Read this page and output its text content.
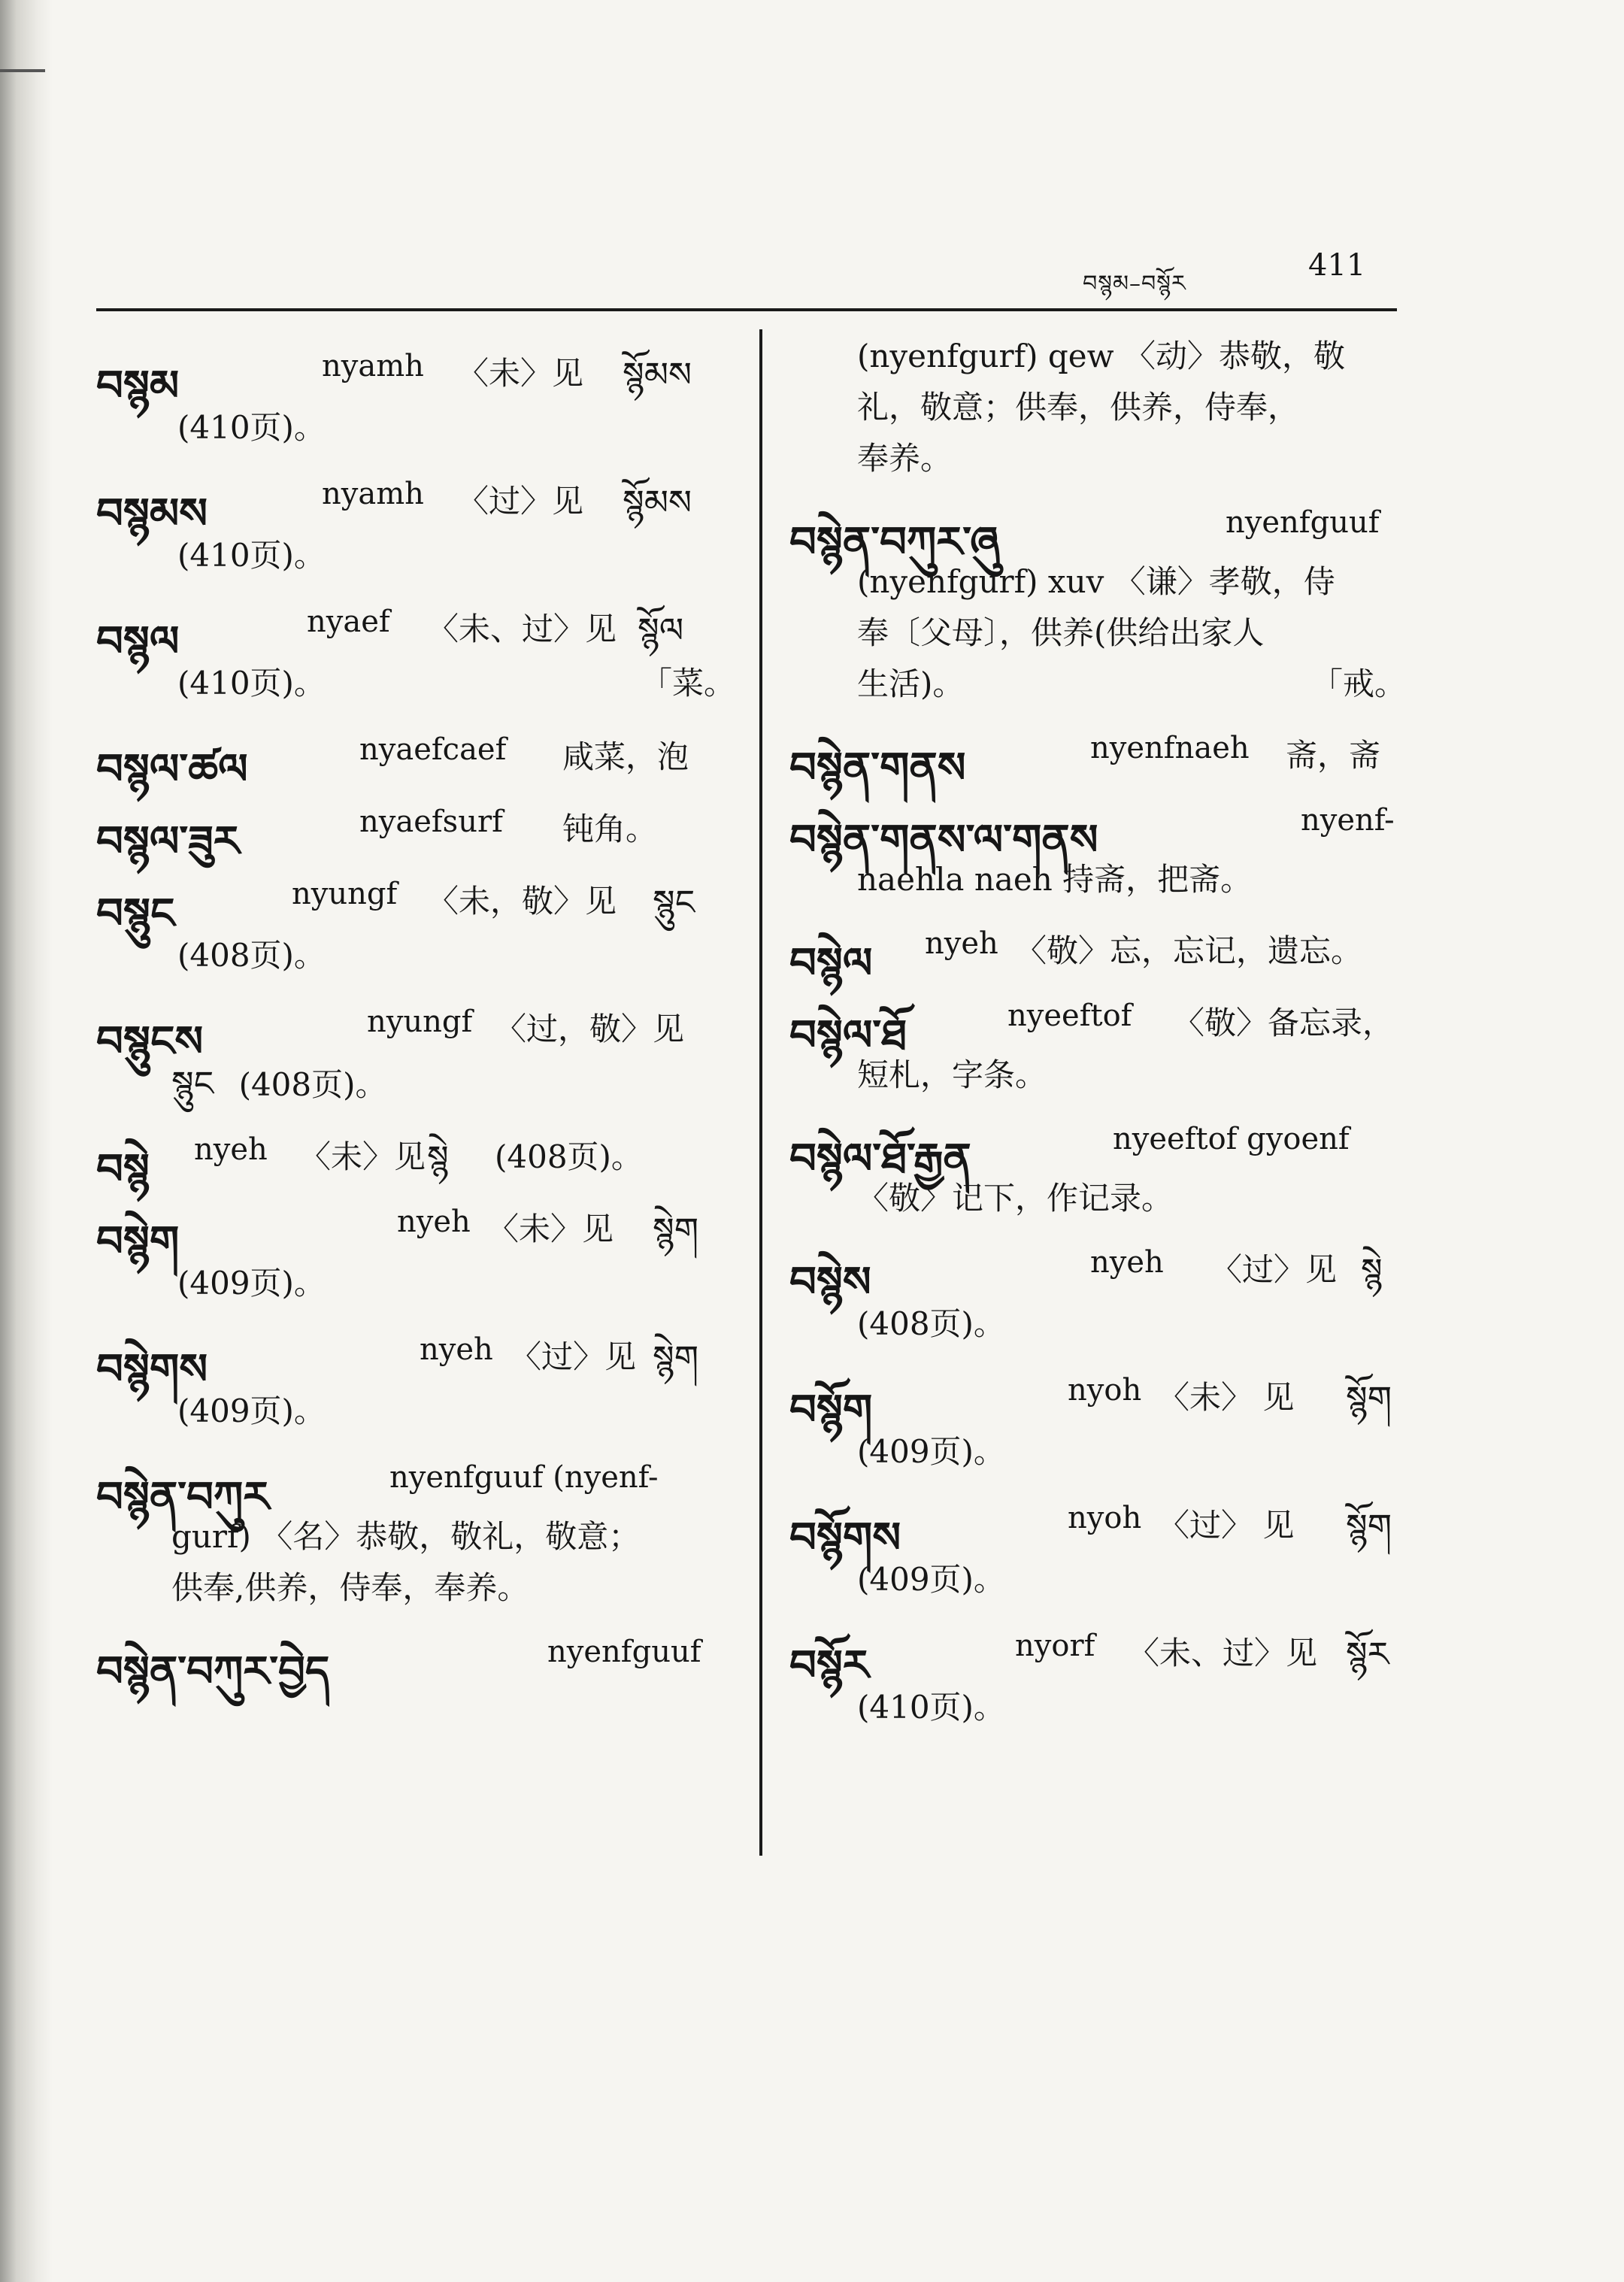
བསྙམ–བསྙོར
411
བསྙམ	nyamh 〈未〉见 སྙོམས
(410页)。
བསྙམས	nyamh 〈过〉见 སྙོམས
(410页)。
བསྙལ	nyaef 〈未、过〉见 སྙོལ
(410页)。	「菜。
བསྙལ་ཚལ	nyaefcaef 咸菜，泡
བསྙལ་ཟུར	nyaefsurf 钝角。
བསྙུང	nyungf 〈未，敬〉见 སྙུང
(408页)。
བསྙུངས	nyungf 〈过，敬〉见
སྙུང (408页)。
བསྙེ nyeh 〈未〉见 སྙེ (408页)。
བསྙེག	nyeh 〈未〉见 སྙེག
(409页)。
བསྙེགས	nyeh 〈过〉见 སྙེག
(409页)。
བསྙེན་བཀུར	nyenfguuf (nyenf-
gurf) 〈名〉恭敬，敬礼，敬意；
供奉,供养，侍奉，奉养。
བསྙེན་བཀུར་བྱེད	nyenfguuf
(nyenfgurf) qew 〈动〉恭敬，敬
礼，敬意；供奉，供养，侍奉，
奉养。
བསྙེན་བཀུར་ཞུ	nyenfguuf
(nyenfgurf) xuv 〈谦〉孝敬，侍
奉〔父母〕，供养(供给出家人
生活)。	「戒。
བསྙེན་གནས	nyenfnaeh 斋，斋
བསྙེན་གནས་ལ་གནས	nyenf-
naehla naeh 持斋，把斋。
བསྙེལ nyeh 〈敬〉忘，忘记，遗忘。
བསྙེལ་ཐོ	nyeeftof 〈敬〉备忘录，
短札，字条。
བསྙེལ་ཐོ་རྒྱན	nyeeftof gyoenf
〈敬〉记下，作记录。
བསྙེས	nyeh 〈过〉见 སྙེ
(408页)。
བསྙོག	nyoh 〈未〉 见 སྙོག
(409页)。
བསྙོགས	nyoh 〈过〉 见 སྙོག
(409页)。
བསྙོར	nyorf 〈未、过〉见 སྙོར
(410页)。
